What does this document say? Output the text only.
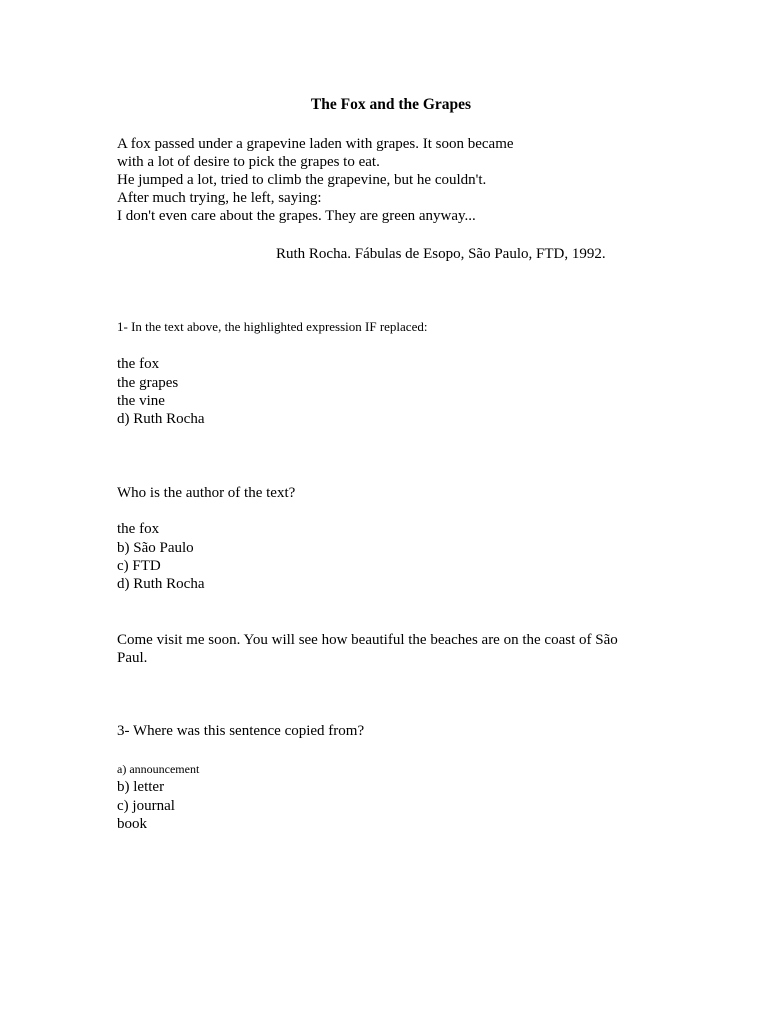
The Fox and the Grapes
A fox passed under a grapevine laden with grapes. It soon became
with a lot of desire to pick the grapes to eat.
He jumped a lot, tried to climb the grapevine, but he couldn't.
After much trying, he left, saying:
I don't even care about the grapes. They are green anyway...
Ruth Rocha. Fábulas de Esopo, São Paulo, FTD, 1992.
1- In the text above, the highlighted expression IF replaced:
the fox
the grapes
the vine
d) Ruth Rocha
Who is the author of the text?
the fox
b) São Paulo
c) FTD
d) Ruth Rocha
Come visit me soon. You will see how beautiful the beaches are on the coast of São
Paul.
3- Where was this sentence copied from?
a) announcement
b) letter
c) journal
book
